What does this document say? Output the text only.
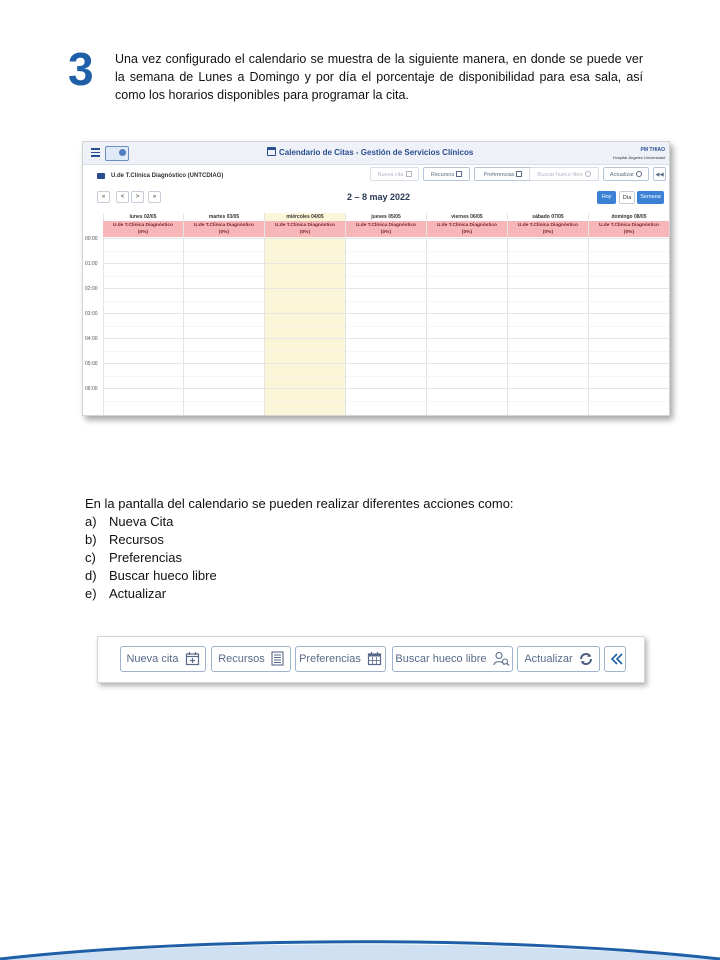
3 Una vez configurado el calendario se muestra de la siguiente manera, en donde se puede ver la semana de Lunes a Domingo y por día el porcentaje de disponibilidad para esa sala, así como los horarios disponibles para programar la cita.

Calendario de Citas - Gestión de Servicios Clínicos	PM THIAO
Hospital Ángeles Universidad
U.de T.Clínica Diagnóstico (UNTCDIAG)	Nueva cita	Recursos	Preferencias	Buscar hueco libre	Actualizar	◀◀
«	<	>	»	2 – 8 may 2022	Hoy	Día	Semana
00:00
01:00
02:00
03:00
04:00
05:00
06:00
lunes 02/05
U.de T.Clínica Diagnóstico
(0%)
martes 03/05
U.de T.Clínica Diagnóstico
(0%)
miércoles 04/05
U.de T.Clínica Diagnóstico
(0%)
jueves 05/05
U.de T.Clínica Diagnóstico
(0%)
viernes 06/05
U.de T.Clínica Diagnóstico
(0%)
sábado 07/05
U.de T.Clínica Diagnóstico
(0%)
domingo 08/05
U.de T.Clínica Diagnóstico
(0%)
En la pantalla del calendario se pueden realizar diferentes acciones como:
a) Nueva Cita
b) Recursos
c)	Preferencias
d) Buscar hueco libre
e) Actualizar
Nueva cita	Recursos	Preferencias	Buscar hueco libre	Actualizar
